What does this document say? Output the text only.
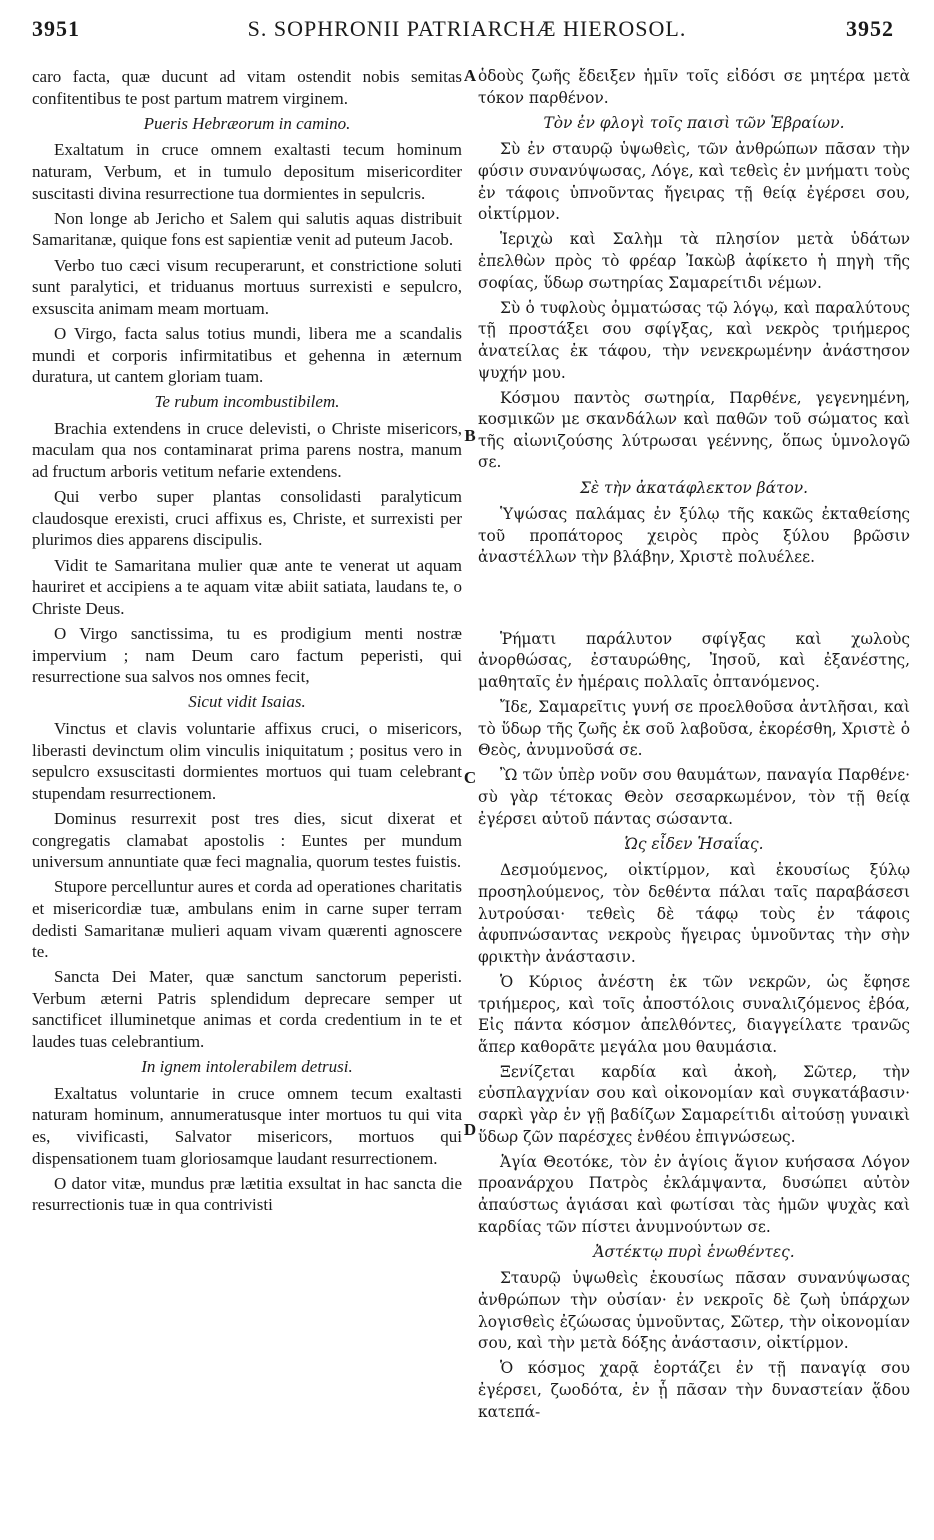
3951	S. SOPHRONII PATRIARCHÆ HIEROSOL.	3952
A
B
C
D

caro facta, quæ ducunt ad vitam ostendit nobis semitas confitentibus te post partum matrem virginem.

Pueris Hebræorum in camino.

Exaltatum in cruce omnem exaltasti tecum hominum naturam, Verbum, et in tumulo depositum misericorditer suscitasti divina resurrectione tua dormientes in sepulcris.

Non longe ab Jericho et Salem qui salutis aquas distribuit Samaritanæ, quique fons est sapientiæ venit ad puteum Jacob.

Verbo tuo cæci visum recuperarunt, et constrictione soluti sunt paralytici, et triduanus mortuus surrexisti e sepulcro, exsuscita animam meam mortuam.

O Virgo, facta salus totius mundi, libera me a scandalis mundi et corporis infirmitatibus et gehenna in æternum duratura, ut cantem gloriam tuam.

Te rubum incombustibilem.

Brachia extendens in cruce delevisti, o Christe misericors, maculam qua nos contaminarat prima parens nostra, manum ad fructum arboris vetitum nefarie extendens.

Qui verbo super plantas consolidasti paralyticum claudosque erexisti, cruci affixus es, Christe, et surrexisti per plurimos dies apparens discipulis.

Vidit te Samaritana mulier quæ ante te venerat ut aquam hauriret et accipiens a te aquam vitæ abiit satiata, laudans te, o Christe Deus.

O Virgo sanctissima, tu es prodigium menti nostræ impervium ; nam Deum caro factum peperisti, qui resurrectione sua salvos nos omnes fecit,

Sicut vidit Isaias.

Vinctus et clavis voluntarie affixus cruci, o misericors, liberasti devinctum olim vinculis iniquitatum ; positus vero in sepulcro exsuscitasti dormientes mortuos qui tuam celebrant stupendam resurrectionem.

Dominus resurrexit post tres dies, sicut dixerat et congregatis clamabat apostolis : Euntes per mundum universum annuntiate quæ feci magnalia, quorum testes fuistis.

Stupore percelluntur aures et corda ad operationes charitatis et misericordiæ tuæ, ambulans enim in carne super terram dedisti Samaritanæ mulieri aquam vivam quærenti agnoscere te.

Sancta Dei Mater, quæ sanctum sanctorum peperisti. Verbum æterni Patris splendidum deprecare semper ut sanctificet illuminetque animas et corda credentium in te et laudes tuas celebrantium.

In ignem intolerabilem detrusi.

Exaltatus voluntarie in cruce omnem tecum exaltasti naturam hominum, annumeratusque inter mortuos tu qui vita es, vivificasti, Salvator misericors, mortuos qui dispensationem tuam gloriosamque laudant resurrectionem.

O dator vitæ, mundus præ lætitia exsultat in hac sancta die resurrectionis tuæ in qua contrivisti

ὁδοὺς ζωῆς ἔδειξεν ἡμῖν τοῖς εἰδόσι σε μητέρα μετὰ τόκον παρθένον.

Τὸν ἐν φλογὶ τοῖς παισὶ τῶν Ἑβραίων.

Σὺ ἐν σταυρῷ ὑψωθεὶς, τῶν ἀνθρώπων πᾶσαν τὴν φύσιν συνανύψωσας, Λόγε, καὶ τεθεὶς ἐν μνήματι τοὺς ἐν τάφοις ὑπνοῦντας ἤγειρας τῇ θείᾳ ἐγέρσει σου, οἰκτίρμον.

Ἱεριχὼ καὶ Σαλὴμ τὰ πλησίον μετὰ ὑδάτων ἐπελθὼν πρὸς τὸ φρέαρ Ἰακὼβ ἀφίκετο ἡ πηγὴ τῆς σοφίας, ὕδωρ σωτηρίας Σαμαρείτιδι νέμων.

Σὺ ὁ τυφλοὺς ὀμματώσας τῷ λόγῳ, καὶ παραλύτους τῇ προστάξει σου σφίγξας, καὶ νεκρὸς τριήμερος ἀνατείλας ἐκ τάφου, τὴν νενεκρωμένην ἀνάστησον ψυχήν μου.

Κόσμου παντὸς σωτηρία, Παρθένε, γεγενημένη, κοσμικῶν με σκανδάλων καὶ παθῶν τοῦ σώματος καὶ τῆς αἰωνιζούσης λύτρωσαι γεέννης, ὅπως ὑμνολογῶ σε.

Σὲ τὴν ἀκατάφλεκτον βάτον.

Ὑψώσας παλάμας ἐν ξύλῳ τῆς κακῶς ἐκταθείσης τοῦ προπάτορος χειρὸς πρὸς ξύλου βρῶσιν ἀναστέλλων τὴν βλάβην, Χριστὲ πολυέλεε.

Ῥήματι παράλυτον σφίγξας καὶ χωλοὺς ἀνορθώσας, ἐσταυρώθης, Ἰησοῦ, καὶ ἐξανέστης, μαθηταῖς ἐν ἡμέραις πολλαῖς ὀπτανόμενος.

Ἴδε, Σαμαρεῖτις γυνή σε προελθοῦσα ἀντλῆσαι, καὶ τὸ ὕδωρ τῆς ζωῆς ἐκ σοῦ λαβοῦσα, ἐκορέσθη, Χριστὲ ὁ Θεὸς, ἀνυμνοῦσά σε.

Ὢ τῶν ὑπὲρ νοῦν σου θαυμάτων, παναγία Παρθένε· σὺ γὰρ τέτοκας Θεὸν σεσαρκωμένον, τὸν τῇ θείᾳ ἐγέρσει αὐτοῦ πάντας σώσαντα.

Ὡς εἶδεν Ἡσαΐας.

Δεσμούμενος, οἰκτίρμον, καὶ ἑκουσίως ξύλῳ προσηλούμενος, τὸν δεθέντα πάλαι ταῖς παραβάσεσι λυτρούσαι· τεθεὶς δὲ τάφῳ τοὺς ἐν τάφοις ἀφυπνώσαντας νεκροὺς ἤγειρας ὑμνοῦντας τὴν σὴν φρικτὴν ἀνάστασιν.

Ὁ Κύριος ἀνέστη ἐκ τῶν νεκρῶν, ὡς ἔφησε τριήμερος, καὶ τοῖς ἀποστόλοις συναλιζόμενος ἐβόα, Εἰς πάντα κόσμον ἀπελθόντες, διαγγείλατε τρανῶς ἅπερ καθορᾶτε μεγάλα μου θαυμάσια.

Ξενίζεται καρδία καὶ ἀκοὴ, Σῶτερ, τὴν εὐσπλαγχνίαν σου καὶ οἰκονομίαν καὶ συγκατάβασιν· σαρκὶ γὰρ ἐν γῇ βαδίζων Σαμαρείτιδι αἰτούσῃ γυναικὶ ὕδωρ ζῶν παρέσχες ἐνθέου ἐπιγνώσεως.

Ἁγία Θεοτόκε, τὸν ἐν ἁγίοις ἅγιον κυήσασα Λόγον προανάρχου Πατρὸς ἐκλάμψαντα, δυσώπει αὐτὸν ἀπαύστως ἁγιάσαι καὶ φωτίσαι τὰς ἡμῶν ψυχὰς καὶ καρδίας τῶν πίστει ἀνυμνούντων σε.

Ἀστέκτῳ πυρὶ ἑνωθέντες.

Σταυρῷ ὑψωθεὶς ἑκουσίως πᾶσαν συνανύψωσας ἀνθρώπων τὴν οὐσίαν· ἐν νεκροῖς δὲ ζωὴ ὑπάρχων λογισθεὶς ἐζώωσας ὑμνοῦντας, Σῶτερ, τὴν οἰκονομίαν σου, καὶ τὴν μετὰ δόξης ἀνάστασιν, οἰκτίρμον.

Ὁ κόσμος χαρᾷ ἑορτάζει ἐν τῇ παναγίᾳ σου ἐγέρσει, ζωοδότα, ἐν ᾗ πᾶσαν τὴν δυναστείαν ᾅδου κατεπά-
